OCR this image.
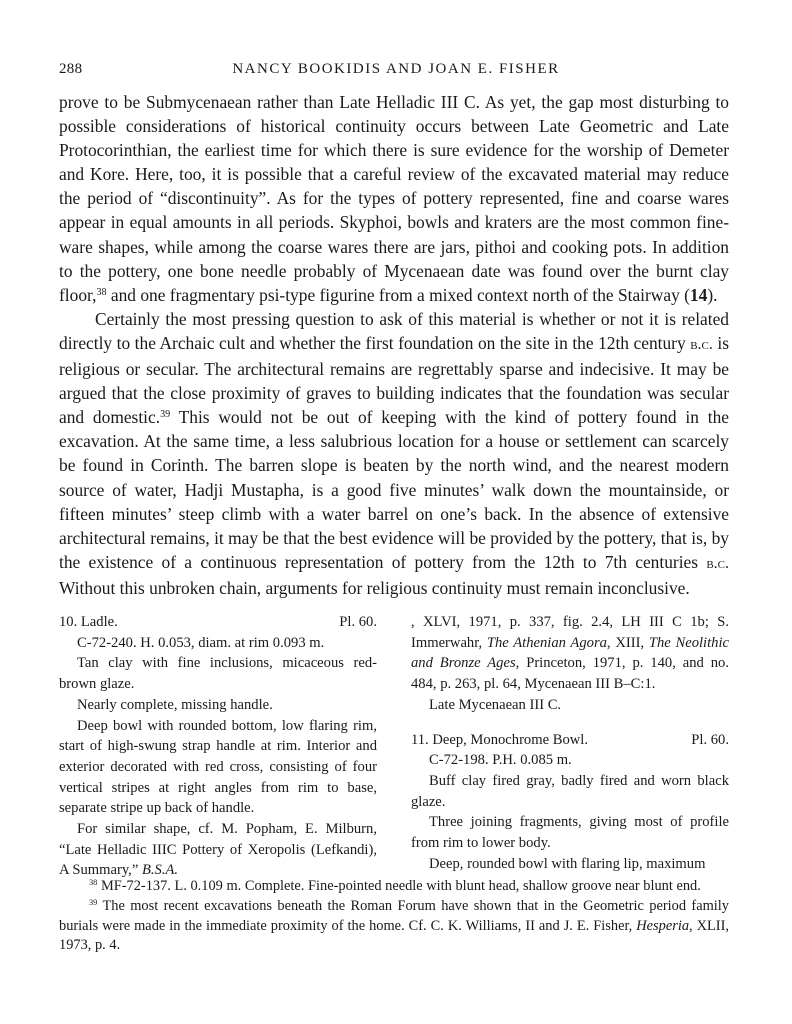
288	NANCY BOOKIDIS AND JOAN E. FISHER

prove to be Submycenaean rather than Late Helladic III C. As yet, the gap most disturbing to possible considerations of historical continuity occurs between Late Geometric and Late Protocorinthian, the earliest time for which there is sure evidence for the worship of Demeter and Kore. Here, too, it is possible that a careful review of the excavated material may reduce the period of “discontinuity”. As for the types of pottery represented, fine and coarse wares appear in equal amounts in all periods. Skyphoi, bowls and kraters are the most common fine-ware shapes, while among the coarse wares there are jars, pithoi and cooking pots. In addition to the pottery, one bone needle probably of Mycenaean date was found over the burnt clay floor,$^{38}$ and one fragmentary psi-type figurine from a mixed context north of the Stairway (14).

Certainly the most pressing question to ask of this material is whether or not it is related directly to the Archaic cult and whether the first foundation on the site in the 12th century b.c. is religious or secular. The architectural remains are regrettably sparse and indecisive. It may be argued that the close proximity of graves to building indicates that the foundation was secular and domestic.$^{39}$ This would not be out of keeping with the kind of pottery found in the excavation. At the same time, a less salubrious location for a house or settlement can scarcely be found in Corinth. The barren slope is beaten by the north wind, and the nearest modern source of water, Hadji Mustapha, is a good five minutes’ walk down the mountainside, or fifteen minutes’ steep climb with a water barrel on one’s back. In the absence of extensive architectural remains, it may be that the best evidence will be provided by the pottery, that is, by the existence of a continuous representation of pottery from the 12th to 7th centuries b.c. Without this unbroken chain, arguments for religious continuity must remain inconclusive.

10. Ladle.	Pl. 60.

C-72-240. H. 0.053, diam. at rim 0.093 m.

Tan clay with fine inclusions, micaceous red-brown glaze.

Nearly complete, missing handle.

Deep bowl with rounded bottom, low flaring rim, start of high-swung strap handle at rim. Interior and exterior decorated with red cross, consisting of four vertical stripes at right angles from rim to base, separate stripe up back of handle.

For similar shape, cf. M. Popham, E. Milburn, “Late Helladic IIIC Pottery of Xeropolis (Lefkandi), A Summary,” B.S.A.

, XLVI, 1971, p. 337, fig. 2.4, LH III C 1b; S. Immerwahr, The Athenian Agora, XIII, The Neolithic and Bronze Ages, Princeton, 1971, p. 140, and no. 484, p. 263, pl. 64, Mycenaean III B–C:1.

Late Mycenaean III C.

11. Deep, Monochrome Bowl.	Pl. 60.

C-72-198. P.H. 0.085 m.

Buff clay fired gray, badly fired and worn black glaze.

Three joining fragments, giving most of profile from rim to lower body.

Deep, rounded bowl with flaring lip, maximum

$^{38}$ MF-72-137. L. 0.109 m. Complete. Fine-pointed needle with blunt head, shallow groove near blunt end.

$^{39}$ The most recent excavations beneath the Roman Forum have shown that in the Geometric period family burials were made in the immediate proximity of the home. Cf. C. K. Williams, II and J. E. Fisher, Hesperia, XLII, 1973, p. 4.
